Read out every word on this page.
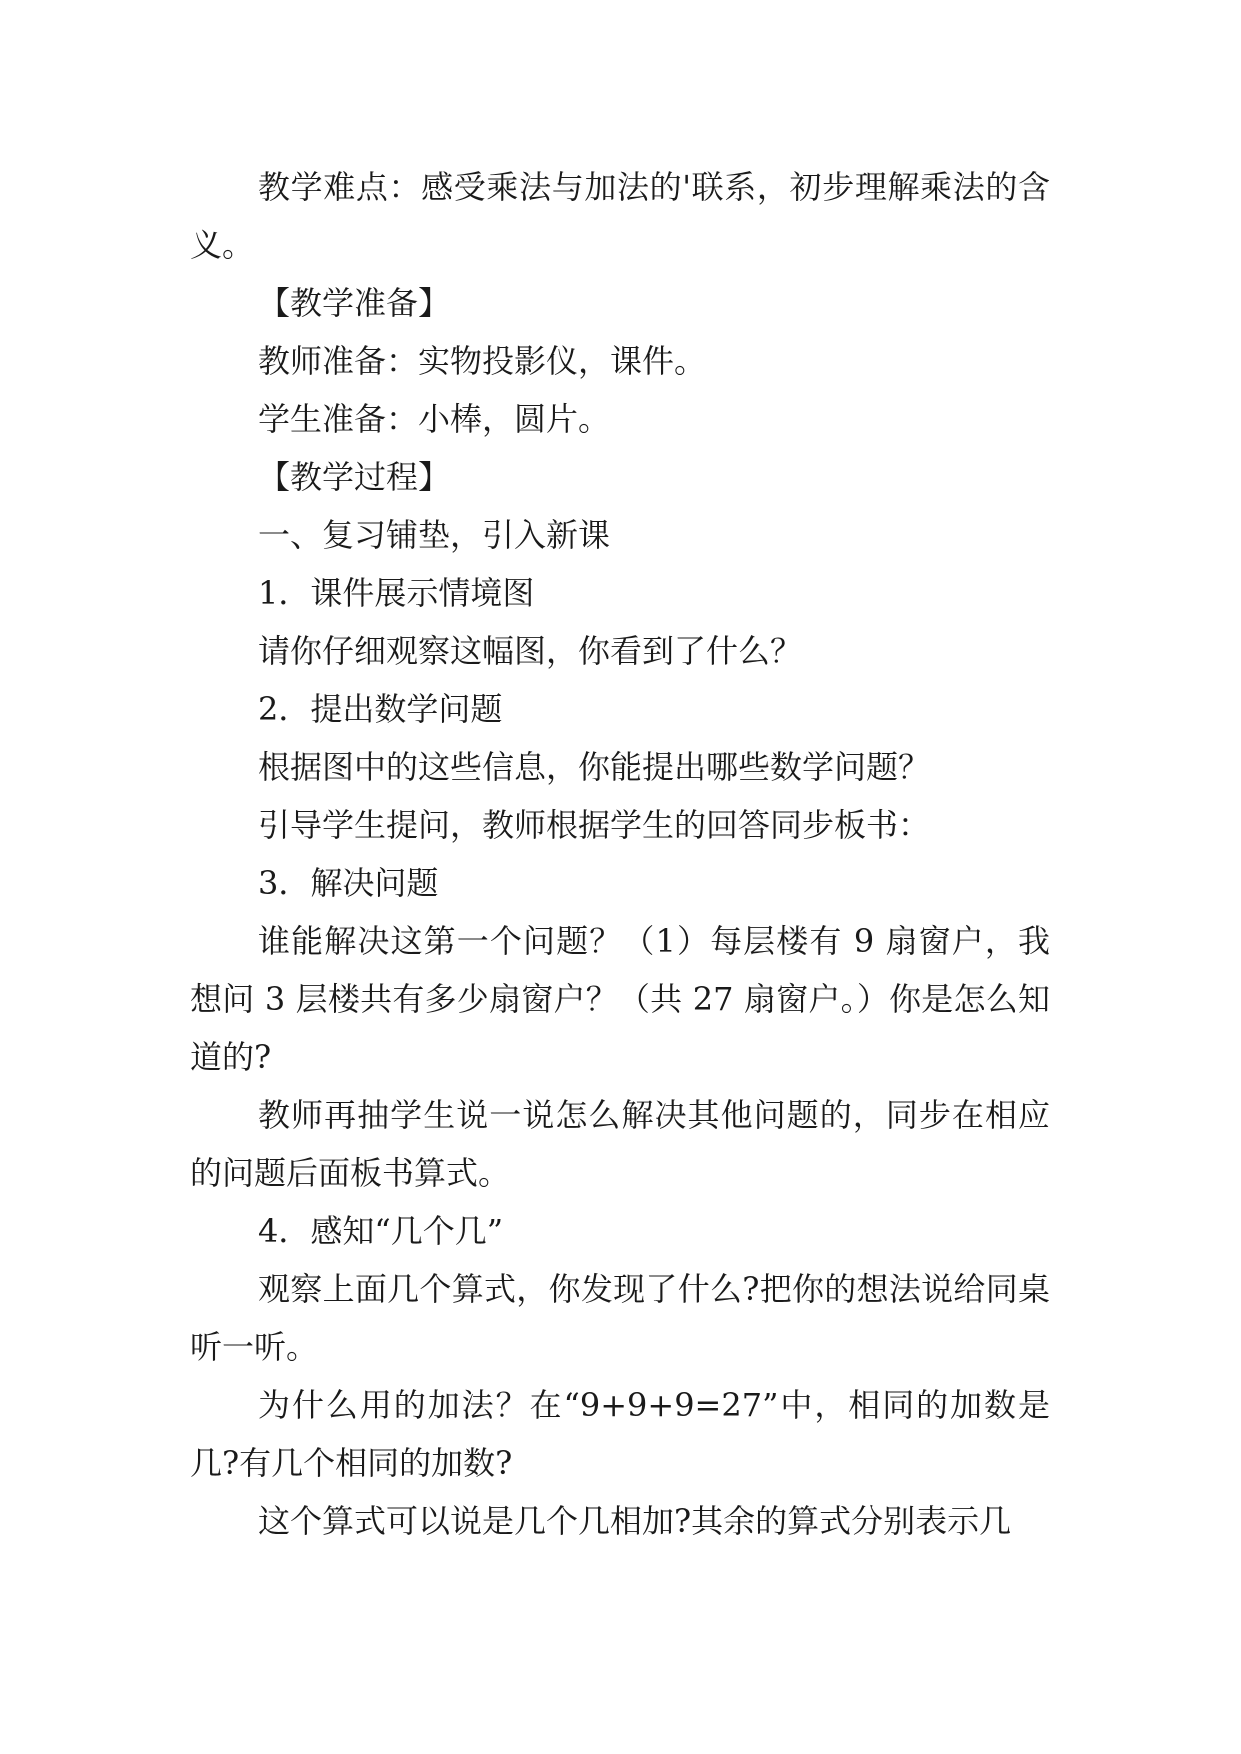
教学难点：感受乘法与加法的'联系，初步理解乘法的含义。

【教学准备】

教师准备：实物投影仪，课件。

学生准备：小棒，圆片。

【教学过程】

一、复习铺垫，引入新课

1．课件展示情境图

请你仔细观察这幅图，你看到了什么？

2．提出数学问题

根据图中的这些信息，你能提出哪些数学问题？

引导学生提问，教师根据学生的回答同步板书：

3．解决问题

谁能解决这第一个问题？（1）每层楼有 9 扇窗户，我想问 3 层楼共有多少扇窗户？（共 27 扇窗户。）你是怎么知道的?

教师再抽学生说一说怎么解决其他问题的，同步在相应的问题后面板书算式。

4．感知“几个几”

观察上面几个算式，你发现了什么?把你的想法说给同桌听一听。

为什么用的加法？在“9+9+9=27”中，相同的加数是几?有几个相同的加数?

这个算式可以说是几个几相加?其余的算式分别表示几
